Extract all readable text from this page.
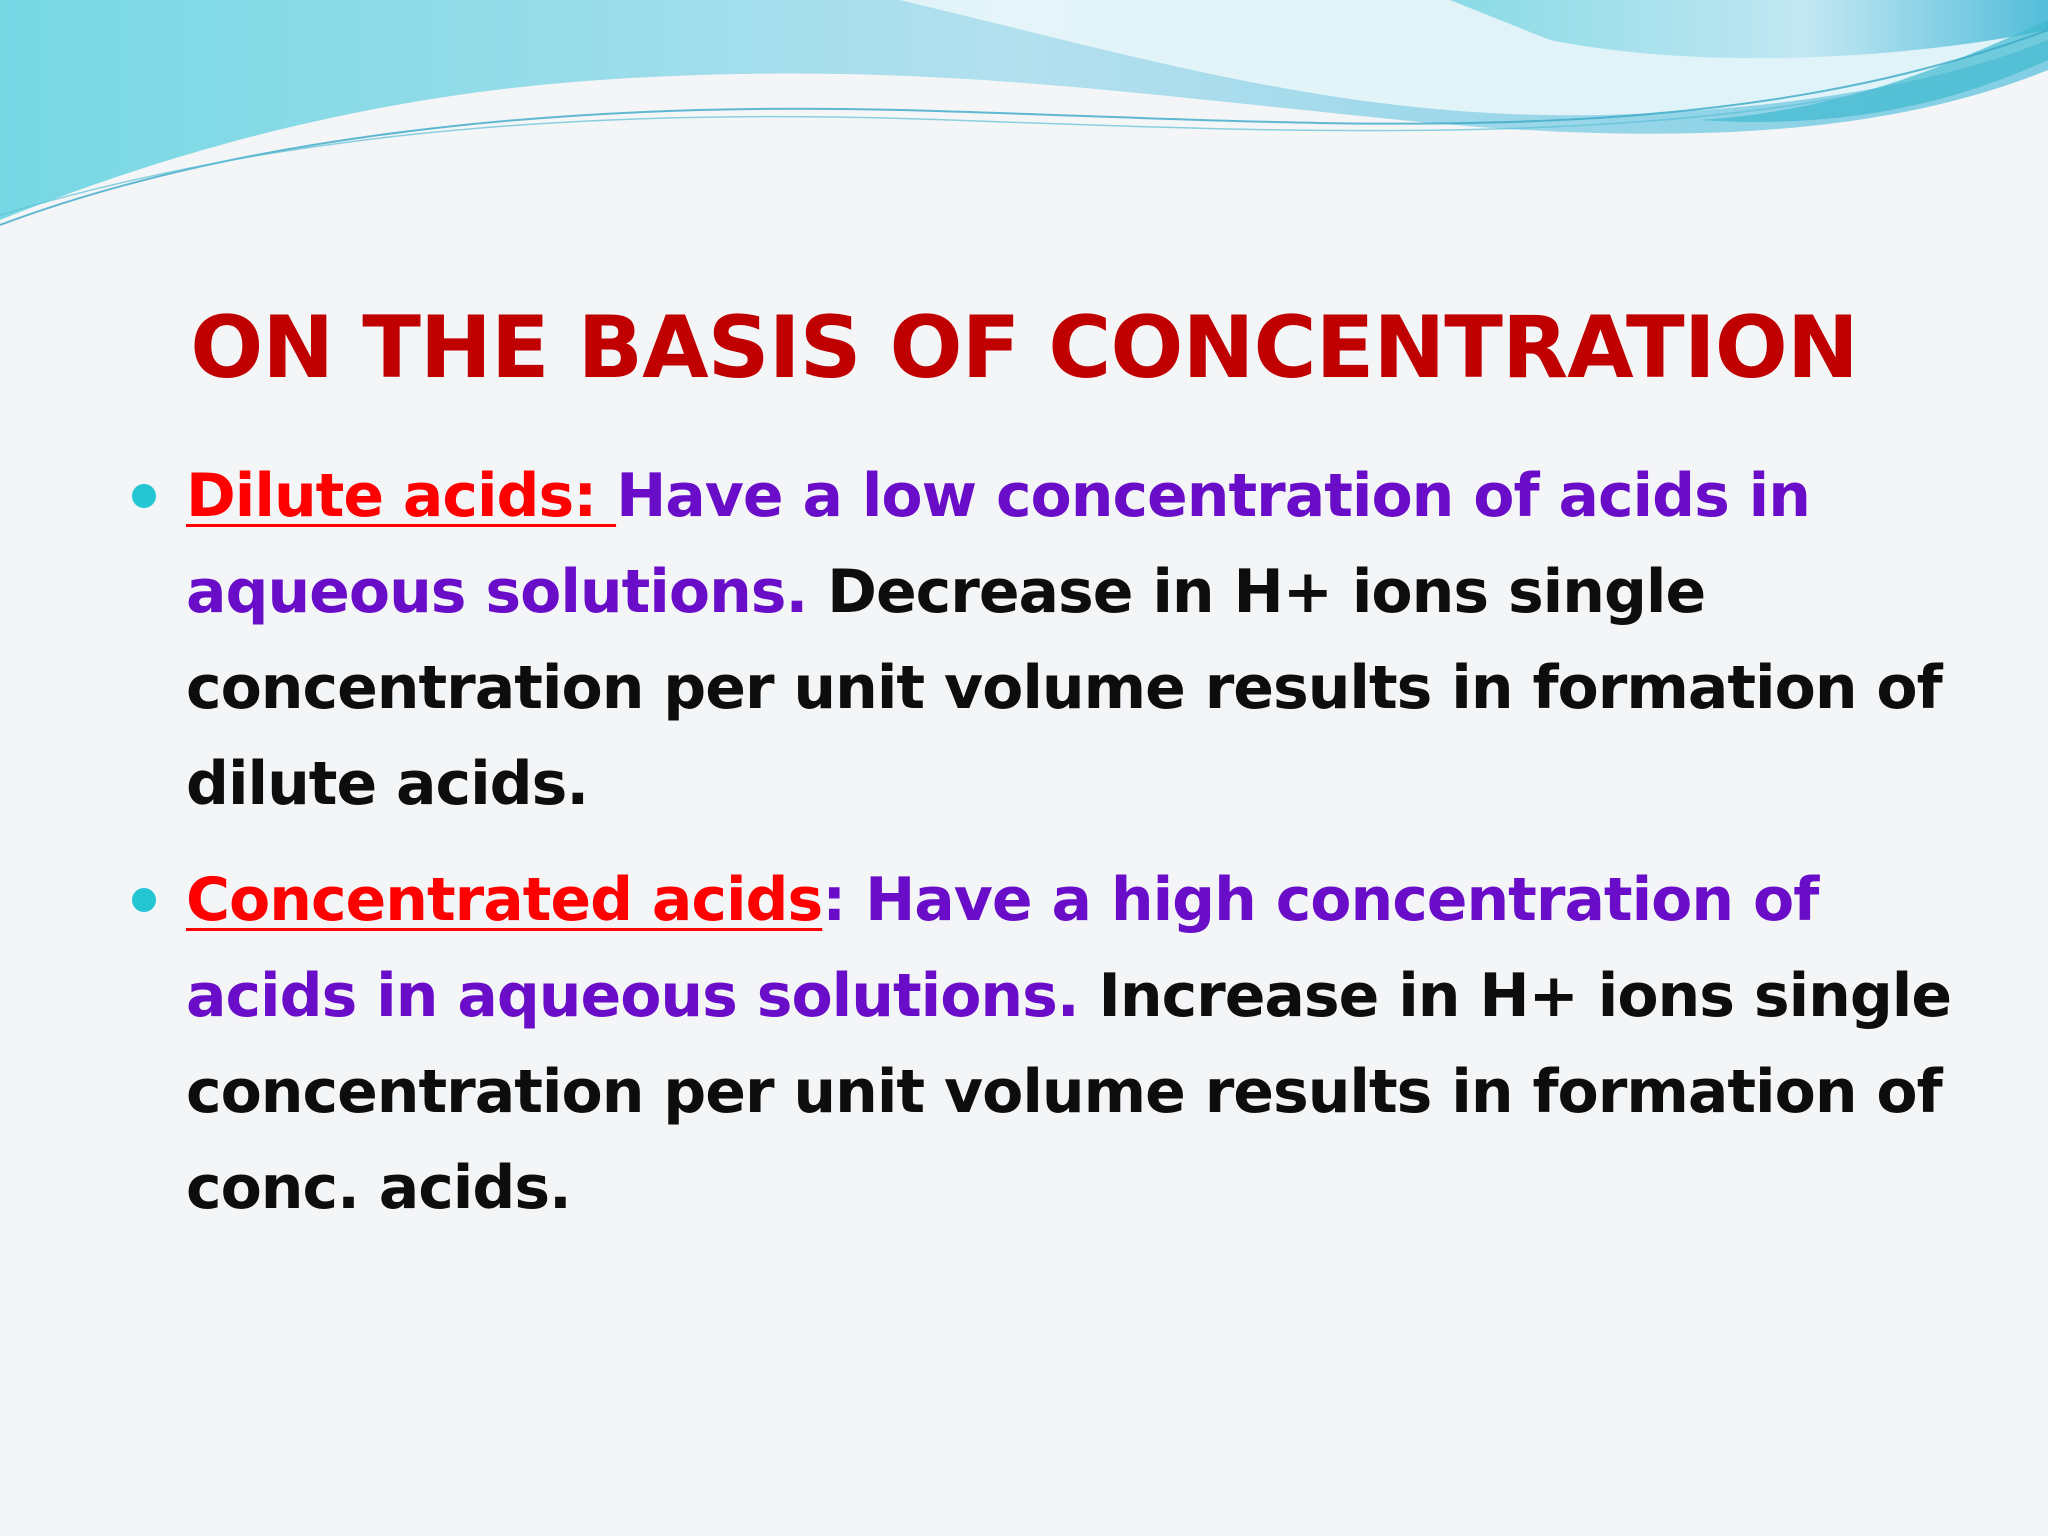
ON THE BASIS OF CONCENTRATION
Dilute acids: Have a low concentration of acids in aqueous solutions. Decrease in H+ ions single concentration per unit volume results in formation of dilute acids.
Concentrated acids: Have a high concentration of acids in aqueous solutions. Increase in H+ ions single concentration per unit volume results in formation of conc. acids.
